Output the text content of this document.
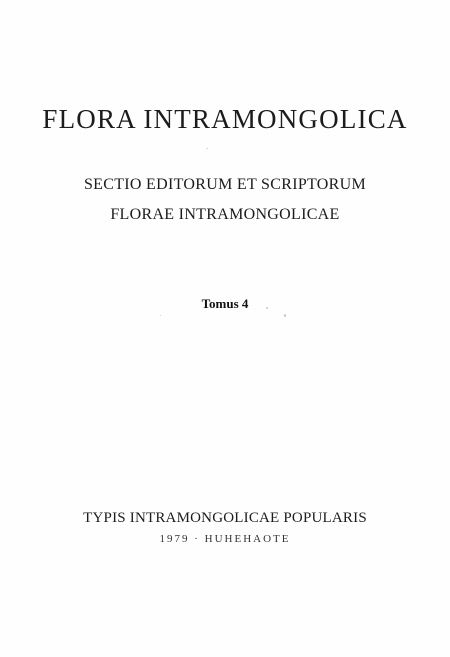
FLORA INTRAMONGOLICA

SECTIO EDITORUM ET SCRIPTORUM

FLORAE INTRAMONGOLICAE

Tomus 4

TYPIS INTRAMONGOLICAE POPULARIS

1979 · HUHEHAOTE
